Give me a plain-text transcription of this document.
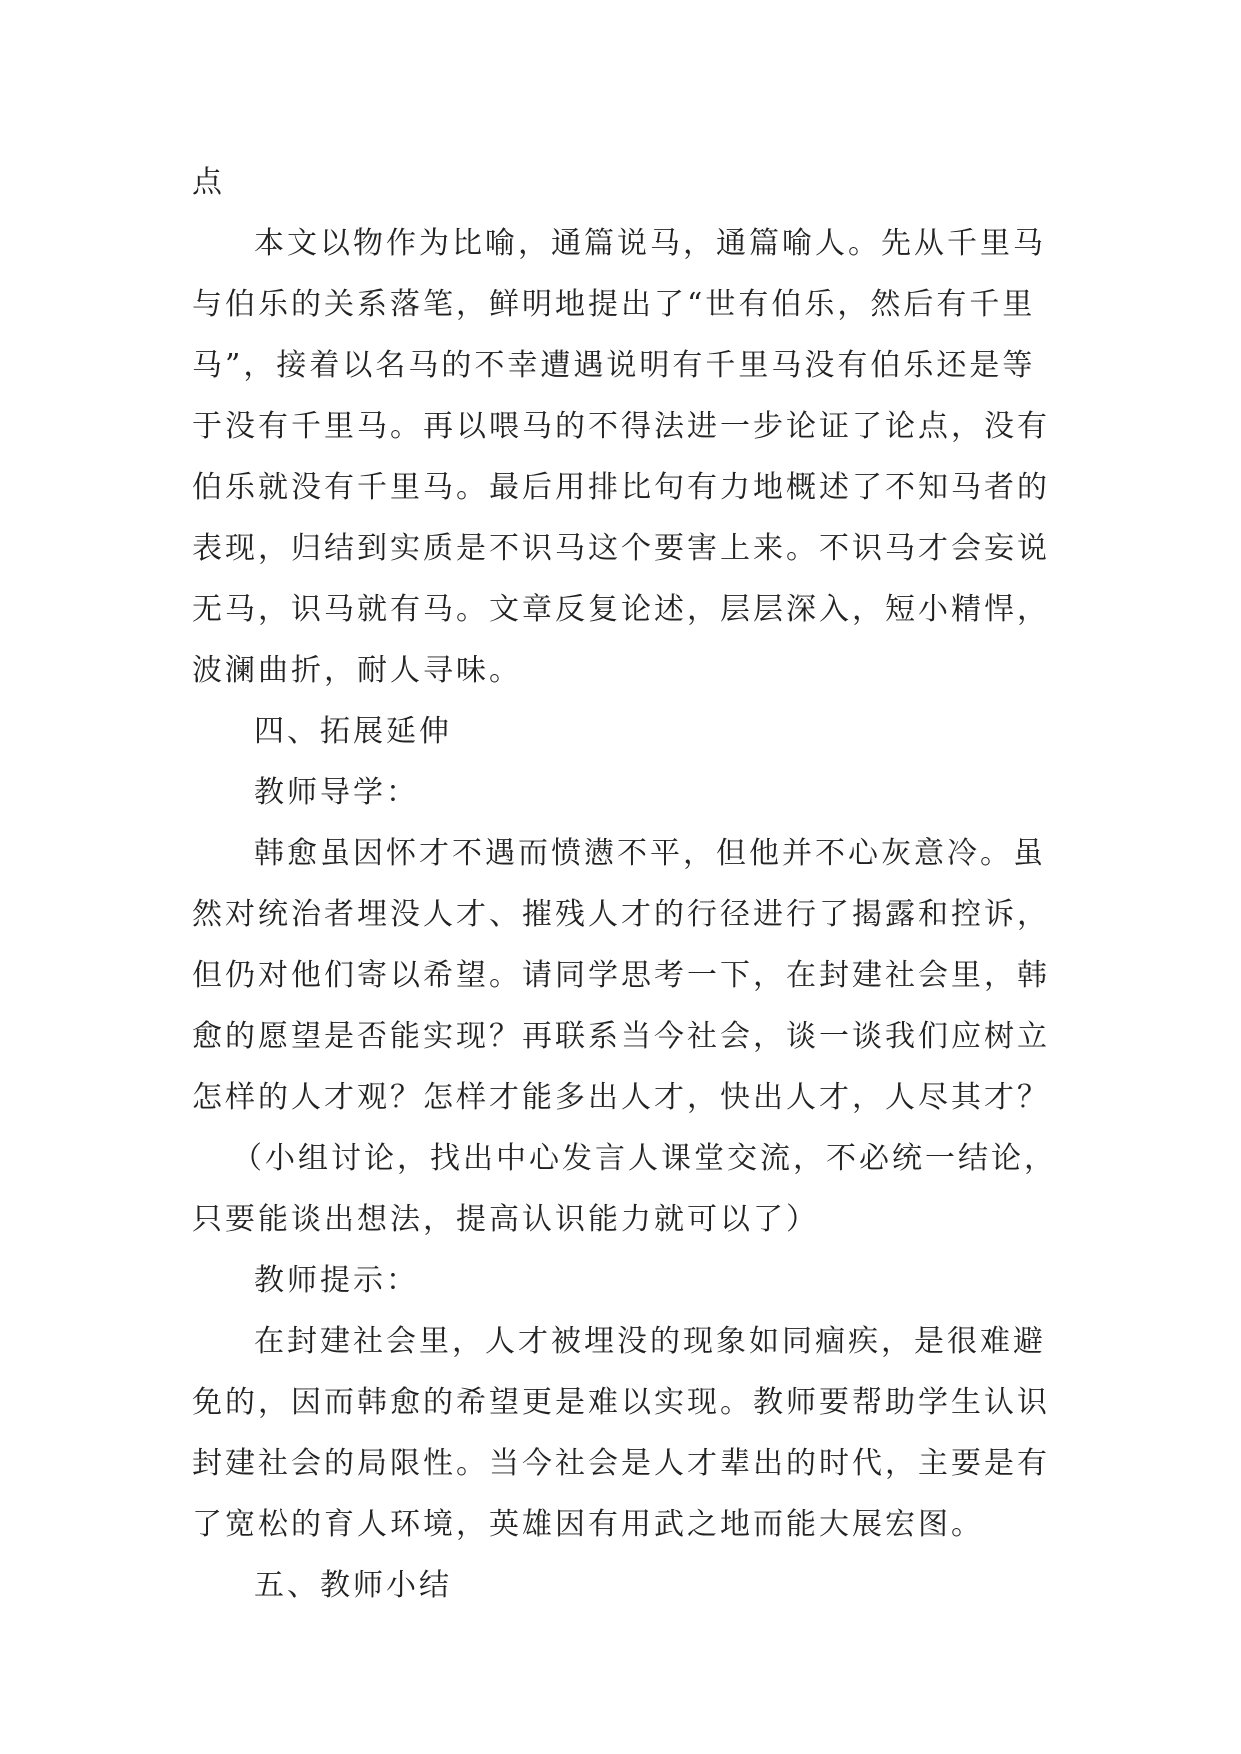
点
本文以物作为比喻，通篇说马，通篇喻人。先从千里马
与伯乐的关系落笔，鲜明地提出了“世有伯乐，然后有千里
马”，接着以名马的不幸遭遇说明有千里马没有伯乐还是等
于没有千里马。再以喂马的不得法进一步论证了论点，没有
伯乐就没有千里马。最后用排比句有力地概述了不知马者的
表现，归结到实质是不识马这个要害上来。不识马才会妄说
无马，识马就有马。文章反复论述，层层深入，短小精悍，
波澜曲折，耐人寻味。
四、拓展延伸
教师导学：
韩愈虽因怀才不遇而愤懑不平，但他并不心灰意冷。虽
然对统治者埋没人才、摧残人才的行径进行了揭露和控诉，
但仍对他们寄以希望。请同学思考一下，在封建社会里，韩
愈的愿望是否能实现？再联系当今社会，谈一谈我们应树立
怎样的人才观？怎样才能多出人才，快出人才，人尽其才？
（小组讨论，找出中心发言人课堂交流，不必统一结论，
只要能谈出想法，提高认识能力就可以了）
教师提示：
在封建社会里，人才被埋没的现象如同痼疾，是很难避
免的，因而韩愈的希望更是难以实现。教师要帮助学生认识
封建社会的局限性。当今社会是人才辈出的时代，主要是有
了宽松的育人环境，英雄因有用武之地而能大展宏图。
五、教师小结
